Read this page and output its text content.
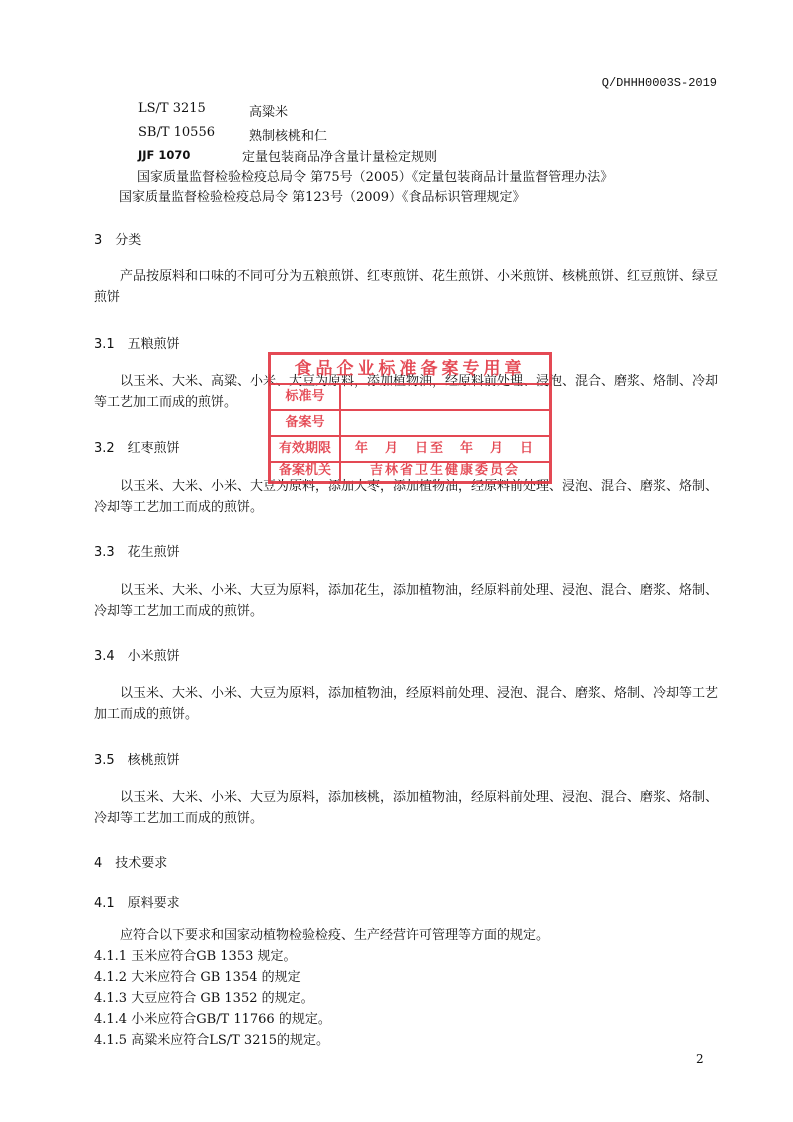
Q/DHHH0003S-2019
LS/T 3215	高粱米
SB/T 10556	熟制核桃和仁
JJF 1070	定量包装商品净含量计量检定规则
国家质量监督检验检疫总局令 第75号（2005）《定量包装商品计量监督管理办法》
国家质量监督检验检疫总局令 第123号（2009）《食品标识管理规定》
3　分类
产品按原料和口味的不同可分为五粮煎饼、红枣煎饼、花生煎饼、小米煎饼、核桃煎饼、红豆煎饼、绿豆煎饼
3.1　五粮煎饼
以玉米、大米、高粱、小米、大豆为原料，添加植物油，经原料前处理、浸泡、混合、磨浆、烙制、冷却等工艺加工而成的煎饼。
3.2　红枣煎饼
以玉米、大米、小米、大豆为原料，添加大枣，添加植物油，经原料前处理、浸泡、混合、磨浆、烙制、冷却等工艺加工而成的煎饼。
3.3　花生煎饼
以玉米、大米、小米、大豆为原料，添加花生，添加植物油，经原料前处理、浸泡、混合、磨浆、烙制、冷却等工艺加工而成的煎饼。
3.4　小米煎饼
以玉米、大米、小米、大豆为原料，添加植物油，经原料前处理、浸泡、混合、磨浆、烙制、冷却等工艺加工而成的煎饼。
3.5　核桃煎饼
以玉米、大米、小米、大豆为原料，添加核桃，添加植物油，经原料前处理、浸泡、混合、磨浆、烙制、冷却等工艺加工而成的煎饼。
4　技术要求
4.1　原料要求
应符合以下要求和国家动植物检验检疫、生产经营许可管理等方面的规定。
4.1.1 玉米应符合GB 1353 规定。
4.1.2 大米应符合 GB 1354 的规定
4.1.3 大豆应符合 GB 1352 的规定。
4.1.4 小米应符合GB/T 11766 的规定。
4.1.5 高粱米应符合LS/T 3215的规定。
2
食品企业标准备案专用章
标准号
备案号
有效期限	年　月　日至　年　月　日
备案机关	吉林省卫生健康委员会
